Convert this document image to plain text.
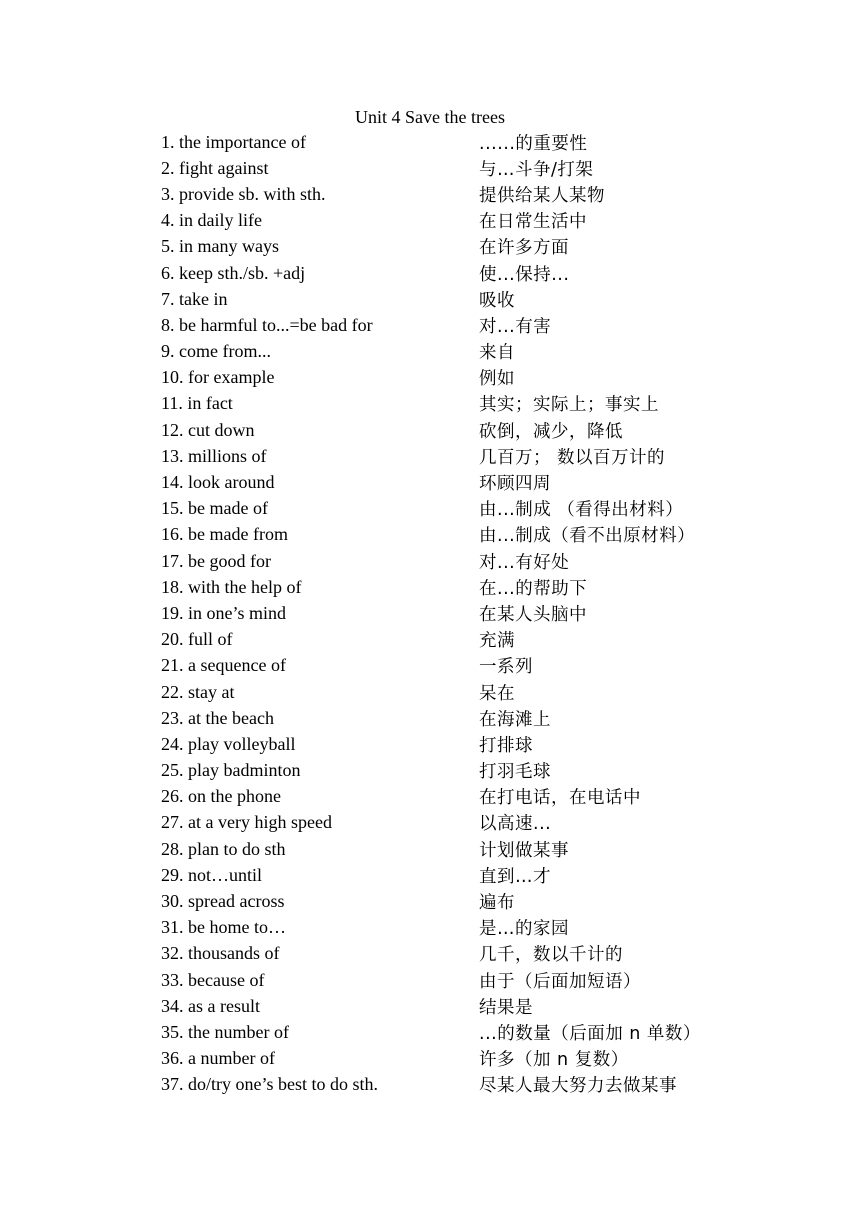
Unit 4 Save the trees
1. the importance of	......的重要性
2. fight against	与…斗争/打架
3. provide sb. with sth.	提供给某人某物
4. in daily life	在日常生活中
5. in many ways	在许多方面
6. keep sth./sb. +adj	使...保持...
7. take in	吸收
8. be harmful to...=be bad for	对...有害
9. come from...	来自
10. for example	例如
11. in fact	其实；实际上；事实上
12. cut down	砍倒，减少，降低
13. millions of	几百万； 数以百万计的
14. look around	环顾四周
15. be made of	由...制成 （看得出材料）
16. be made from	由...制成（看不出原材料）
17. be good for	对...有好处
18. with the help of	在...的帮助下
19. in one’s mind	在某人头脑中
20. full of	充满
21. a sequence of	一系列
22. stay at	呆在
23. at the beach	在海滩上
24. play volleyball	打排球
25. play badminton	打羽毛球
26. on the phone	在打电话，在电话中
27. at a very high speed	以高速...
28. plan to do sth	计划做某事
29. not…until	直到…才
30. spread across	遍布
31. be home to…	是…的家园
32. thousands of	几千，数以千计的
33. because of	由于（后面加短语）
34. as a result	结果是
35. the number of	...的数量（后面加 n 单数）
36. a number of	许多（加 n 复数）
37. do/try one’s best to do sth.	尽某人最大努力去做某事
